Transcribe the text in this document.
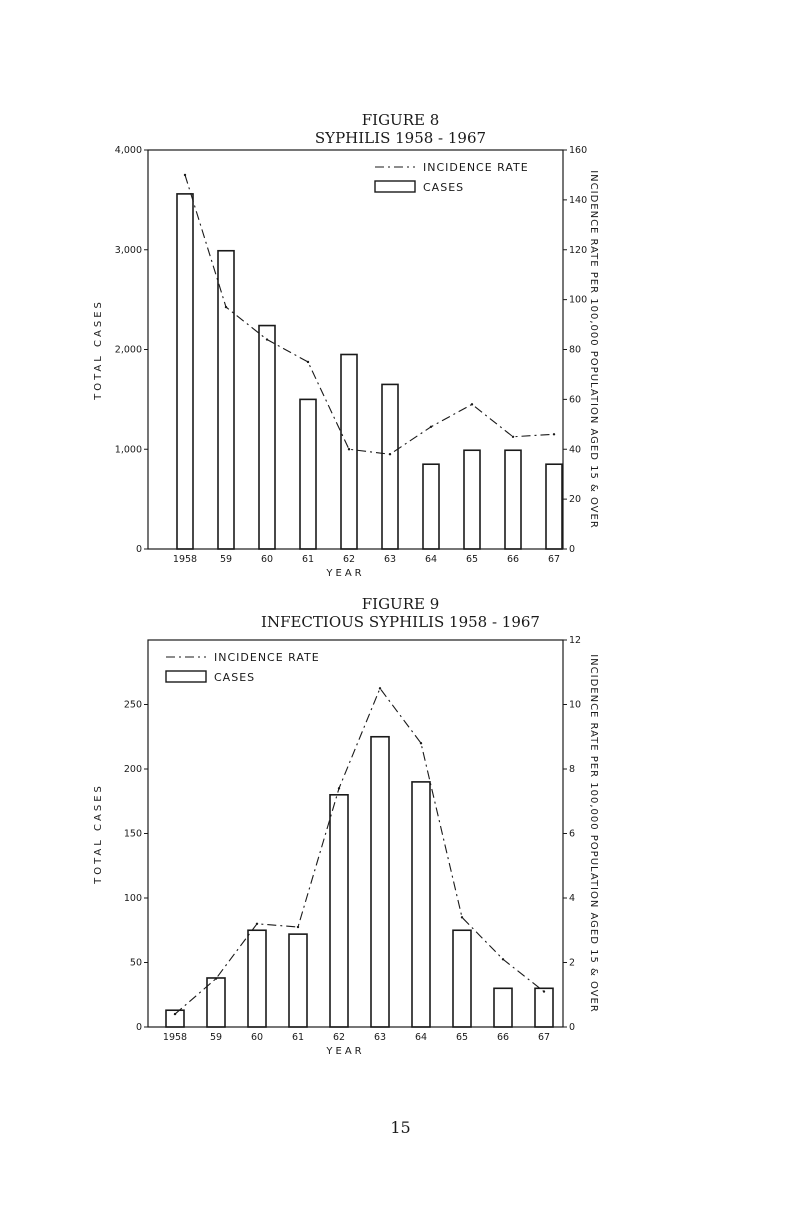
FIGURE 8
SYPHILIS 1958 - 1967
0
1,000
2,000
3,000
4,000
0
20
40
60
80
100
120
140
160
1958 59	60	61	62	63	64	65	66	67
YEAR
TOTAL CASES	INCIDENCE RATE PER 100,000 POPULATION AGED 15 & OVER
INCIDENCE RATE
CASES
FIGURE 9
INFECTIOUS SYPHILIS 1958 - 1967
0
50
100
150
200
250
0
2
4
6
8
10
12
1958 59	60	61	62	63	64	65	66	67
YEAR
TOTAL CASES	INCIDENCE RATE PER 100,000 POPULATION AGED 15 & OVER
INCIDENCE RATE
CASES
15
